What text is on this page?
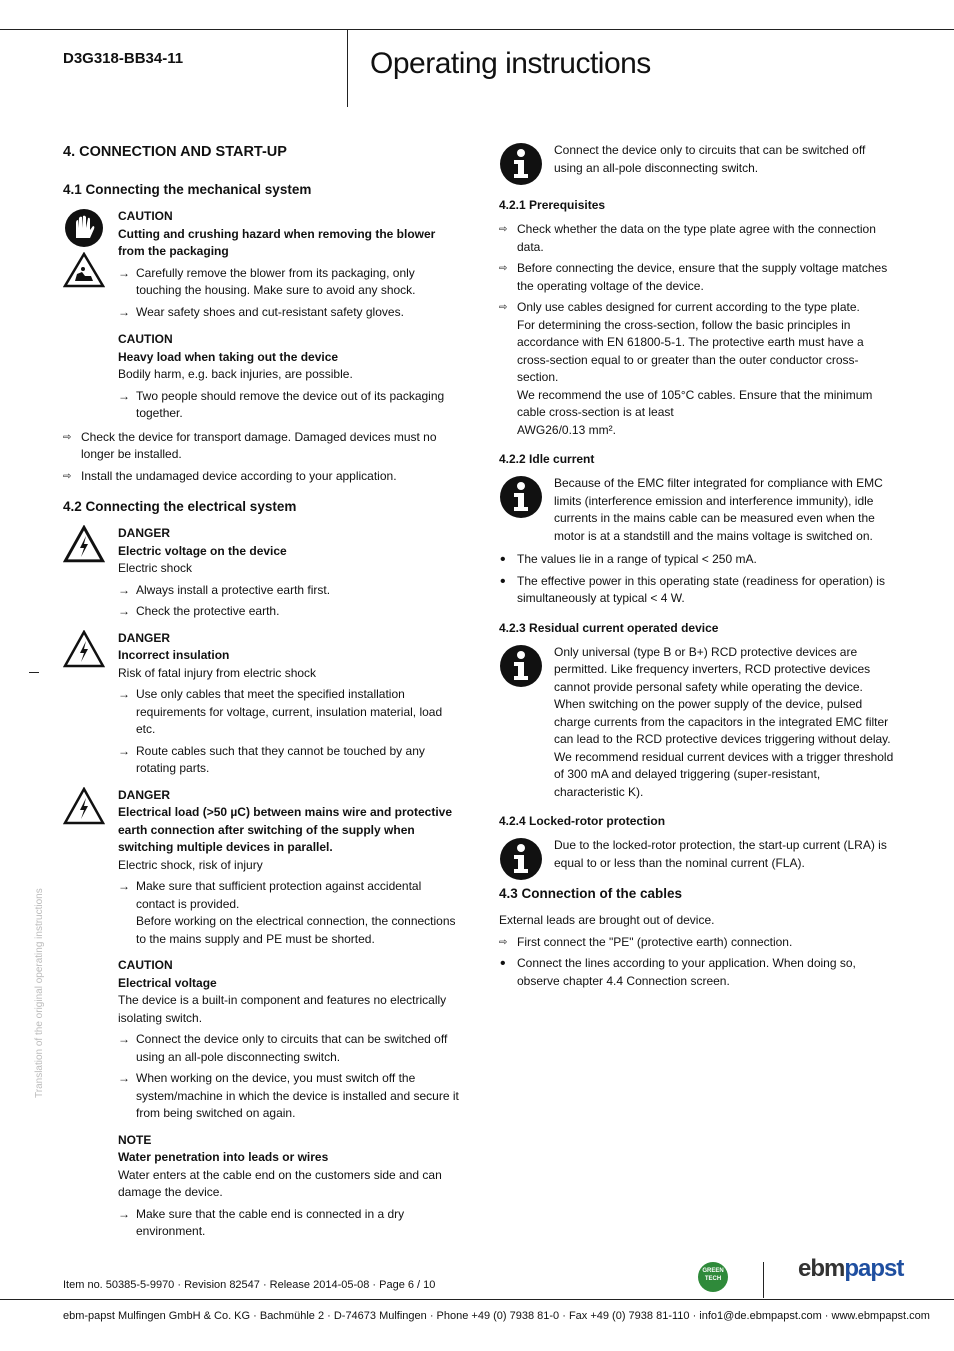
D3G318-BB34-11	Operating instructions
Translation of the original operating instructions
4. CONNECTION AND START-UP
4.1 Connecting the mechanical system

CAUTION

Cutting and crushing hazard when removing the blower from the packaging

→ Carefully remove the blower from its packaging, only touching the housing. Make sure to avoid any shock.
→ Wear safety shoes and cut-resistant safety gloves.

CAUTION

Heavy load when taking out the device

Bodily harm, e.g. back injuries, are possible.

→ Two people should remove the device out of its packaging together.
⇨ Check the device for transport damage. Damaged devices must no longer be installed.
⇨ Install the undamaged device according to your application.
4.2 Connecting the electrical system

DANGER

Electric voltage on the device

Electric shock

→ Always install a protective earth first.
→ Check the protective earth.

DANGER

Incorrect insulation

Risk of fatal injury from electric shock

→ Use only cables that meet the specified installation requirements for voltage, current, insulation material, load etc.
→ Route cables such that they cannot be touched by any rotating parts.

DANGER

Electrical load (>50 µC) between mains wire and protective earth connection after switching of the supply when switching multiple devices in parallel.

Electric shock, risk of injury

→ Make sure that sufficient protection against accidental contact is provided.
Before working on the electrical connection, the connections to the mains supply and PE must be shorted.

CAUTION

Electrical voltage

The device is a built-in component and features no electrically isolating switch.

→ Connect the device only to circuits that can be switched off using an all-pole disconnecting switch.
→ When working on the device, you must switch off the system/machine in which the device is installed and secure it from being switched on again.

NOTE

Water penetration into leads or wires

Water enters at the cable end on the customers side and can damage the device.

→ Make sure that the cable end is connected in a dry environment.

Connect the device only to circuits that can be switched off using an all-pole disconnecting switch.

4.2.1 Prerequisites
⇨ Check whether the data on the type plate agree with the connection data.
⇨ Before connecting the device, ensure that the supply voltage matches the operating voltage of the device.
⇨ Only use cables designed for current according to the type plate.
For determining the cross-section, follow the basic principles in accordance with EN 61800-5-1. The protective earth must have a cross-section equal to or greater than the outer conductor cross-section.
We recommend the use of 105°C cables. Ensure that the minimum cable cross-section is at least
AWG26/0.13 mm².
4.2.2 Idle current

Because of the EMC filter integrated for compliance with EMC limits (interference emission and interference immunity), idle currents in the mains cable can be measured even when the motor is at a standstill and the mains voltage is switched on.

• The values lie in a range of typical < 250 mA.
• The effective power in this operating state (readiness for operation) is simultaneously at typical < 4 W.
4.2.3 Residual current operated device

Only universal (type B or B+) RCD protective devices are permitted. Like frequency inverters, RCD protective devices cannot provide personal safety while operating the device. When switching on the power supply of the device, pulsed charge currents from the capacitors in the integrated EMC filter can lead to the RCD protective devices triggering without delay. We recommend residual current devices with a trigger threshold of 300 mA and delayed triggering (super-resistant, characteristic K).

4.2.4 Locked-rotor protection

Due to the locked-rotor protection, the start-up current (LRA) is equal to or less than the nominal current (FLA).

4.3 Connection of the cables

External leads are brought out of device.

⇨ First connect the "PE" (protective earth) connection.
• Connect the lines according to your application. When doing so, observe chapter 4.4 Connection screen.
Item no. 50385-5-9970 · Revision 82547 · Release 2014-05-08 · Page 6 / 10
GREEN TECH	ebmpapst
ebm-papst Mulfingen GmbH & Co. KG · Bachmühle 2 · D-74673 Mulfingen · Phone +49 (0) 7938 81-0 · Fax +49 (0) 7938 81-110 · info1@de.ebmpapst.com · www.ebmpapst.com
